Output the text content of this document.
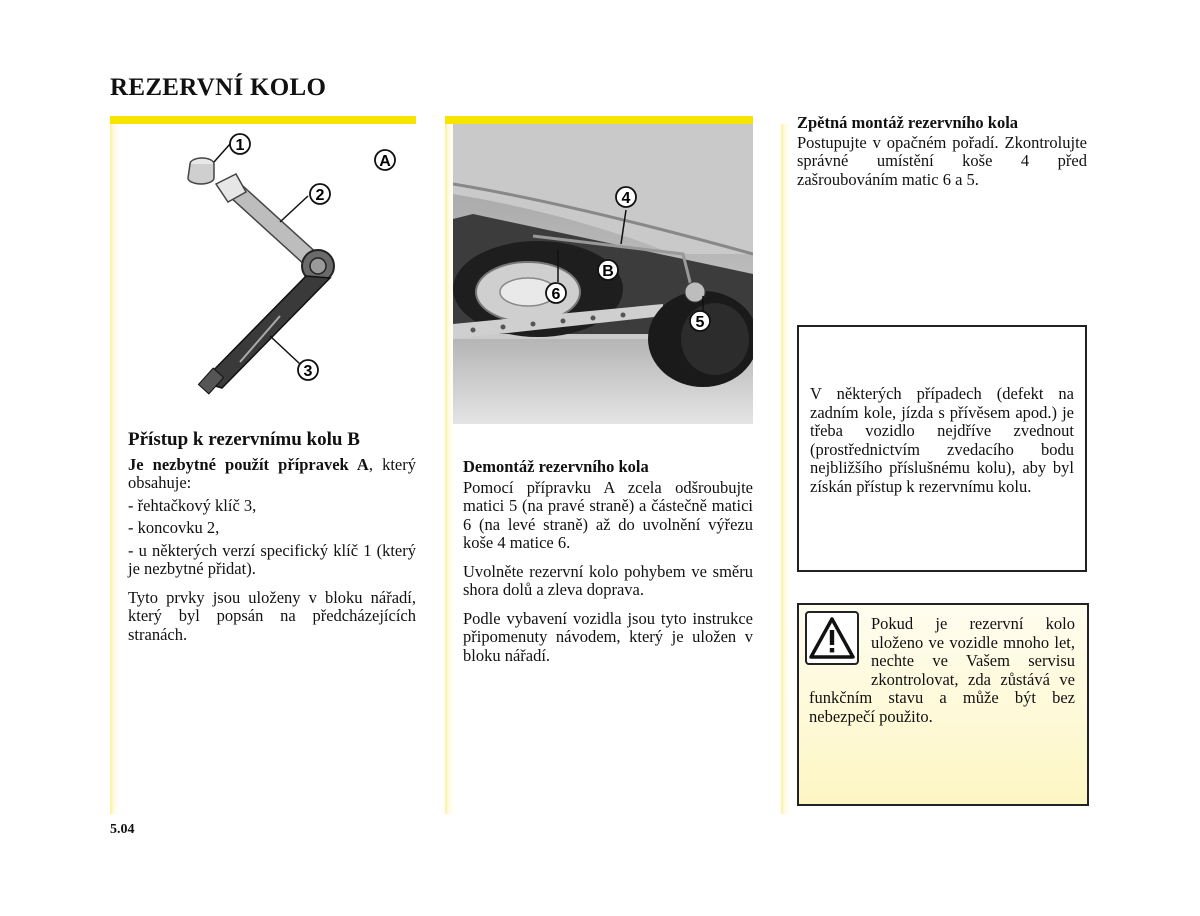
REZERVNÍ KOLO
1
2
3
A
4
B
6
5
Přístup k rezervnímu kolu B

Je nezbytné použít přípravek A, který obsahuje:

- řehtačkový klíč 3,
- koncovku 2,
- u některých verzí specifický klíč 1 (který je nezbytné přidat).

Tyto prvky jsou uloženy v bloku nářadí, který byl popsán na předcházejících stranách.

Demontáž rezervního kola

Pomocí přípravku A zcela odšroubujte matici 5 (na pravé straně) a částečně matici 6 (na levé straně) až do uvolnění výřezu koše 4 matice 6.

Uvolněte rezervní kolo pohybem ve směru shora dolů a zleva doprava.

Podle vybavení vozidla jsou tyto instrukce připomenuty návodem, který je uložen v bloku nářadí.

Zpětná montáž rezervního kola

Postupujte v opačném pořadí. Zkontrolujte správné umístění koše 4 před zašroubováním matic 6 a 5.

V některých případech (defekt na zadním kole, jízda s přívěsem apod.) je třeba vozidlo nejdříve zvednout (prostřednictvím zvedacího bodu nejbližšího příslušnému kolu), aby byl získán přístup k rezervnímu kolu.
Pokud je rezervní kolo uloženo ve vozidle mnoho let, nechte ve Vašem servisu zkontrolovat, zda zůstává ve funkčním stavu a může být bez nebezpečí použito.
5.04
